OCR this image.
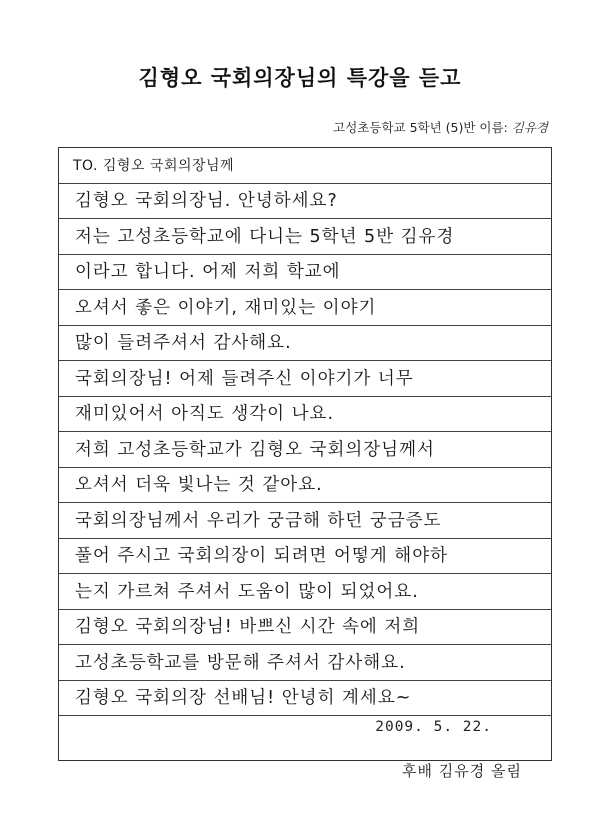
김형오 국회의장님의 특강을 듣고
고성초등학교 5학년 (5)반 이름: 김유경
TO. 김형오 국회의장님께
김형오 국회의장님. 안녕하세요?
저는 고성초등학교에 다니는 5학년 5반 김유경
이라고 합니다. 어제 저희 학교에
오셔서 좋은 이야기, 재미있는 이야기
많이 들려주셔서 감사해요.
국회의장님! 어제 들려주신 이야기가 너무
재미있어서 아직도 생각이 나요.
저희 고성초등학교가 김형오 국회의장님께서
오셔서 더욱 빛나는 것 같아요.
국회의장님께서 우리가 궁금해 하던 궁금증도
풀어 주시고 국회의장이 되려면 어떻게 해야하
는지 가르쳐 주셔서 도움이 많이 되었어요.
김형오 국회의장님! 바쁘신 시간 속에 저희
고성초등학교를 방문해 주셔서 감사해요.
김형오 국회의장 선배님! 안녕히 계세요~
2009. 5. 22.
후배 김유경 올림
